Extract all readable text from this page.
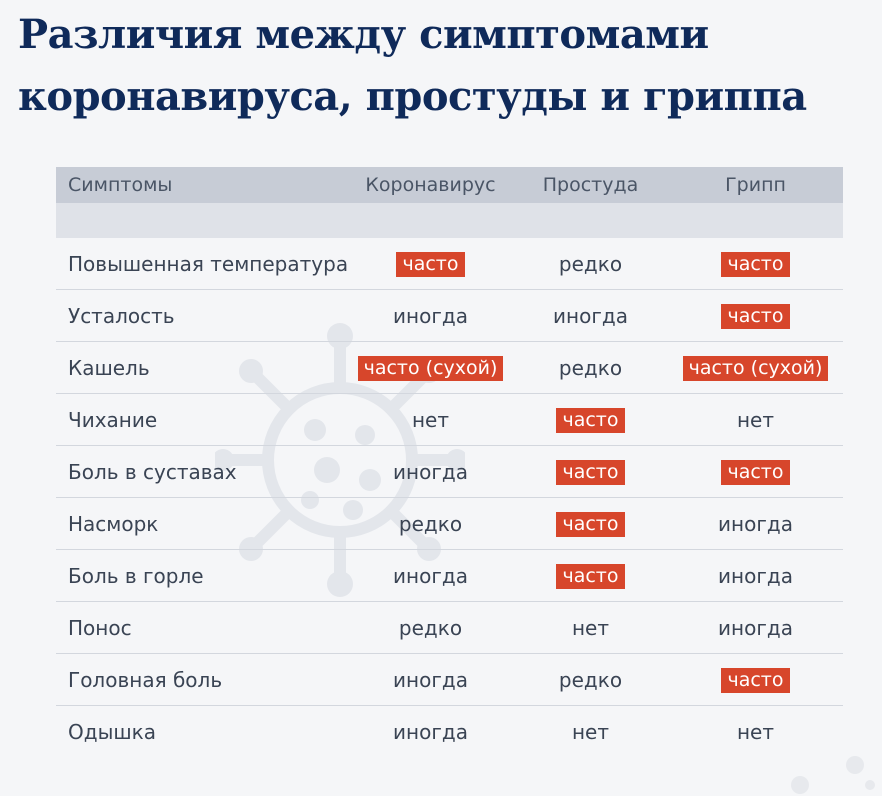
Различия между симптомами
коронавируса, простуды и гриппа
Симптомы	Коронавирус	Простуда	Грипп
Повышенная температура	часто	редко	часто
Усталость	иногда	иногда	часто
Кашель	часто (сухой)	редко	часто (сухой)
Чихание	нет	часто	нет
Боль в суставах	иногда	часто	часто
Насморк	редко	часто	иногда
Боль в горле	иногда	часто	иногда
Понос	редко	нет	иногда
Головная боль	иногда	редко	часто
Одышка	иногда	нет	нет
